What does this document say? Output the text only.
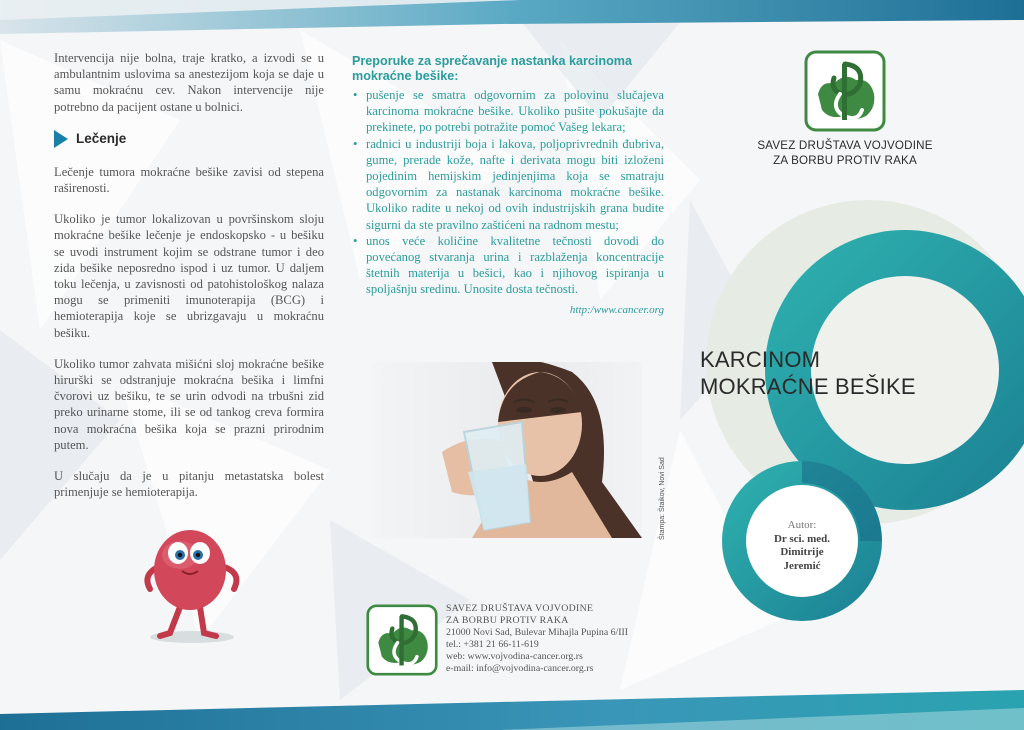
Intervencija nije bolna, traje kratko, a izvodi se u ambulantnim uslovima sa anestezijom koja se daje u samu mokraćnu cev. Nakon intervencije nije potrebno da pacijent ostane u bolnici.

Lečenje

Lečenje tumora mokraćne bešike zavisi od stepena raširenosti.

Ukoliko je tumor lokalizovan u površinskom sloju mokraćne bešike lečenje je endoskopsko - u bešiku se uvodi instrument kojim se odstrane tumor i deo zida bešike neposredno ispod i uz tumor. U daljem toku lečenja, u zavisnosti od patohistološkog nalaza mogu se primeniti imunoterapija (BCG) i hemioterapija koje se ubrizgavaju u mokraćnu bešiku.

Ukoliko tumor zahvata mišićni sloj mokraćne bešike hirurški se odstranjuje mokraćna bešika i limfni čvorovi uz bešiku, te se urin odvodi na trbušni zid preko urinarne stome, ili se od tankog creva formira nova mokraćna bešika koja se prazni prirodnim putem.

U slučaju da je u pitanju metastatska bolest primenjuje se hemioterapija.

Preporuke za sprečavanje nastanka karcinoma mokraćne bešike:
• pušenje se smatra odgovornim za polovinu slučajeva karcinoma mokraćne bešike. Ukoliko pušite pokušajte da prekinete, po potrebi potražite pomoć Vašeg lekara;
• radnici u industriji boja i lakova, poljoprivrednih đubriva, gume, prerade kože, nafte i derivata mogu biti izloženi pojedinim hemijskim jedinjenjima koja se smatraju odgovornim za nastanak karcinoma mokraćne bešike. Ukoliko radite u nekoj od ovih industrijskih grana budite sigurni da ste pravilno zaštićeni na radnom mestu;
• unos veće količine kvalitetne tečnosti dovodi do povećanog stvaranja urina i razblaženja koncentracije štetnih materija u bešici, kao i njihovog ispiranja u spoljašnju sredinu. Unosite dosta tečnosti.
http:/www.cancer.org
Štampa: Štaikov, Novi Sad
SAVEZ DRUŠTAVA VOJVODINE
ZA BORBU PROTIV RAKA
21000 Novi Sad, Bulevar Mihajla Pupina 6/III
tel.: +381 21 66-11-619
web: www.vojvodina-cancer.org.rs
e-mail: info@vojvodina-cancer.org.rs
SAVEZ DRUŠTAVA VOJVODINE
ZA BORBU PROTIV RAKA
KARCINOM
MOKRAĆNE BEŠIKE
Autor:
Dr sci. med.
Dimitrije Jeremić
